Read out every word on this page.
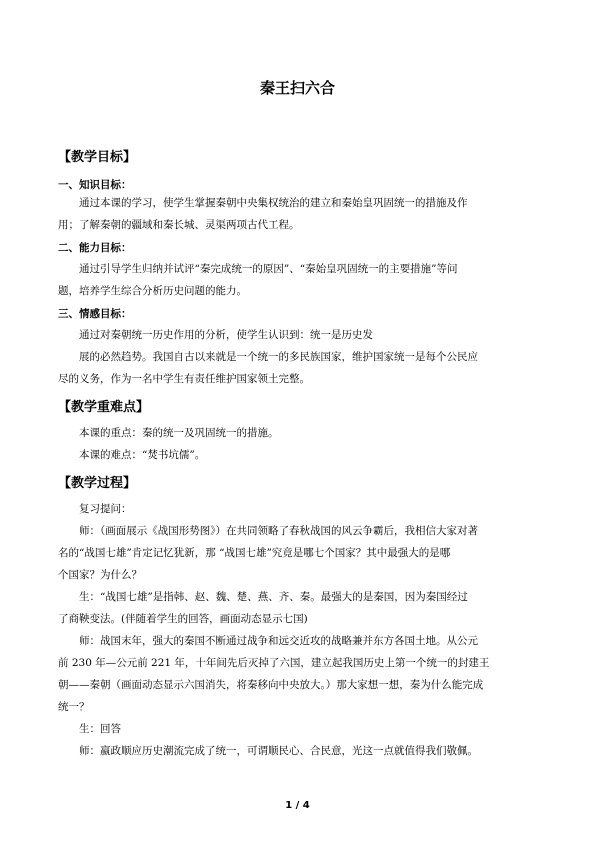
秦王扫六合
【教学目标】
一、知识目标：
通过本课的学习，使学生掌握秦朝中央集权统治的建立和秦始皇巩固统一的措施及作
用；了解秦朝的疆域和秦长城、灵渠两项古代工程。
二、能力目标：
通过引导学生归纳并试评“秦完成统一的原因”、“秦始皇巩固统一的主要措施”等问
题，培养学生综合分析历史问题的能力。
三、情感目标：
通过对秦朝统一历史作用的分析，使学生认识到：统一是历史发
展的必然趋势。我国自古以来就是一个统一的多民族国家，维护国家统一是每个公民应
尽的义务，作为一名中学生有责任维护国家领土完整。
【教学重难点】
本课的重点：秦的统一及巩固统一的措施。
本课的难点：“焚书坑儒”。
【教学过程】
复习提问：
师：（画面展示《战国形势图》）在共同领略了春秋战国的风云争霸后，我相信大家对著
名的“战国七雄”肯定记忆犹新，那 “战国七雄”究竟是哪七个国家？其中最强大的是哪
个国家？为什么？
生：“战国七雄”是指韩、赵、魏、楚、燕、齐、秦。最强大的是秦国，因为秦国经过
了商鞅变法。(伴随着学生的回答，画面动态显示七国)
师：战国末年，强大的秦国不断通过战争和远交近攻的战略兼并东方各国土地。从公元
前 230 年—公元前 221 年，十年间先后灭掉了六国，建立起我国历史上第一个统一的封建王
朝——秦朝（画面动态显示六国消失，将秦移向中央放大。）那大家想一想，秦为什么能完成
统一？
生：回答
师：嬴政顺应历史潮流完成了统一，可谓顺民心、合民意，光这一点就值得我们敬佩。
1 / 4
